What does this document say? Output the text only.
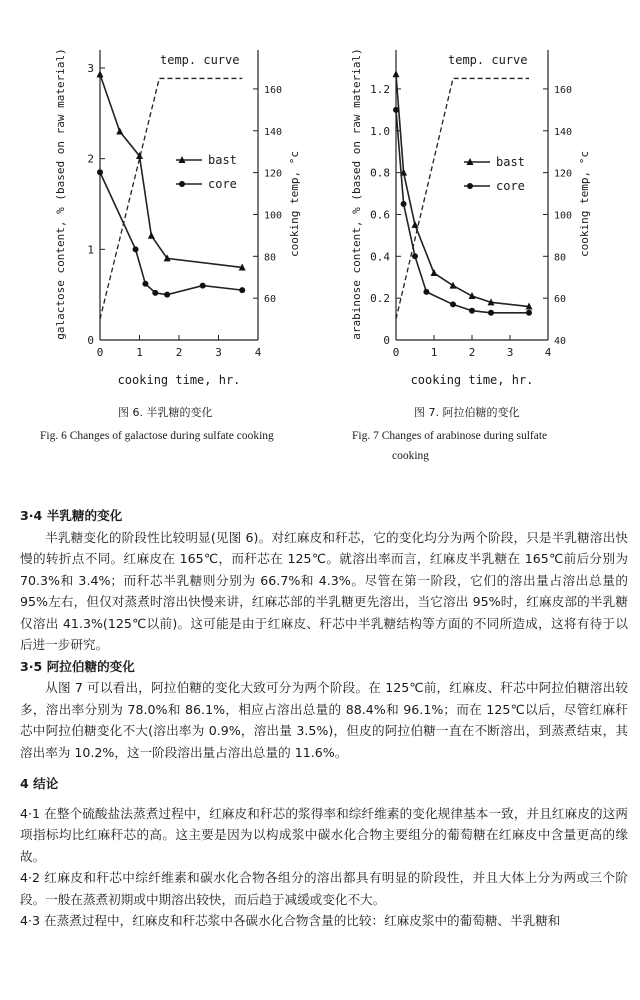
0	1	2	3	4
0
1
2
3
60
80
100
120
140
160
cooking time, hr.
galactose content, % (based on raw material)	cooking temp, °c
temp. curve
bast
core
0	1	2	3	4
0
0.2
0.4
0.6
0.8
1.0
1.2
40
60
80
100
120
140
160
cooking time, hr.
arabinose content, % (based on raw material)	cooking temp, °c
temp. curve
bast
core
图 6. 半乳糖的变化
Fig. 6 Changes of galactose during sulfate cooking
图 7. 阿拉伯糖的变化
Fig. 7 Changes of arabinose during sulfate
cooking
3·4 半乳糖的变化

半乳糖变化的阶段性比较明显(见图 6)。对红麻皮和秆芯，它的变化均分为两个阶段，只是半乳糖溶出快慢的转折点不同。红麻皮在 165℃，而秆芯在 125℃。就溶出率而言，红麻皮半乳糖在 165℃前后分别为 70.3%和 3.4%；而秆芯半乳糖则分别为 66.7%和 4.3%。尽管在第一阶段，它们的溶出量占溶出总量的 95%左右，但仅对蒸煮时溶出快慢来讲，红麻芯部的半乳糖更先溶出，当它溶出 95%时，红麻皮部的半乳糖仅溶出 41.3%(125℃以前)。这可能是由于红麻皮、秆芯中半乳糖结构等方面的不同所造成，这将有待于以后进一步研究。

3·5 阿拉伯糖的变化

从图 7 可以看出，阿拉伯糖的变化大致可分为两个阶段。在 125℃前，红麻皮、秆芯中阿拉伯糖溶出较多，溶出率分别为 78.0%和 86.1%，相应占溶出总量的 88.4%和 96.1%；而在 125℃以后，尽管红麻秆芯中阿拉伯糖变化不大(溶出率为 0.9%，溶出量 3.5%)，但皮的阿拉伯糖一直在不断溶出，到蒸煮结束，其溶出率为 10.2%，这一阶段溶出量占溶出总量的 11.6%。

4 结论

4·1 在整个硫酸盐法蒸煮过程中，红麻皮和秆芯的浆得率和综纤维素的变化规律基本一致，并且红麻皮的这两项指标均比红麻秆芯的高。这主要是因为以构成浆中碳水化合物主要组分的葡萄糖在红麻皮中含量更高的缘故。

4·2 红麻皮和秆芯中综纤维素和碳水化合物各组分的溶出都具有明显的阶段性，并且大体上分为两或三个阶段。一般在蒸煮初期或中期溶出较快，而后趋于减缓或变化不大。

4·3 在蒸煮过程中，红麻皮和秆芯浆中各碳水化合物含量的比较：红麻皮浆中的葡萄糖、半乳糖和
